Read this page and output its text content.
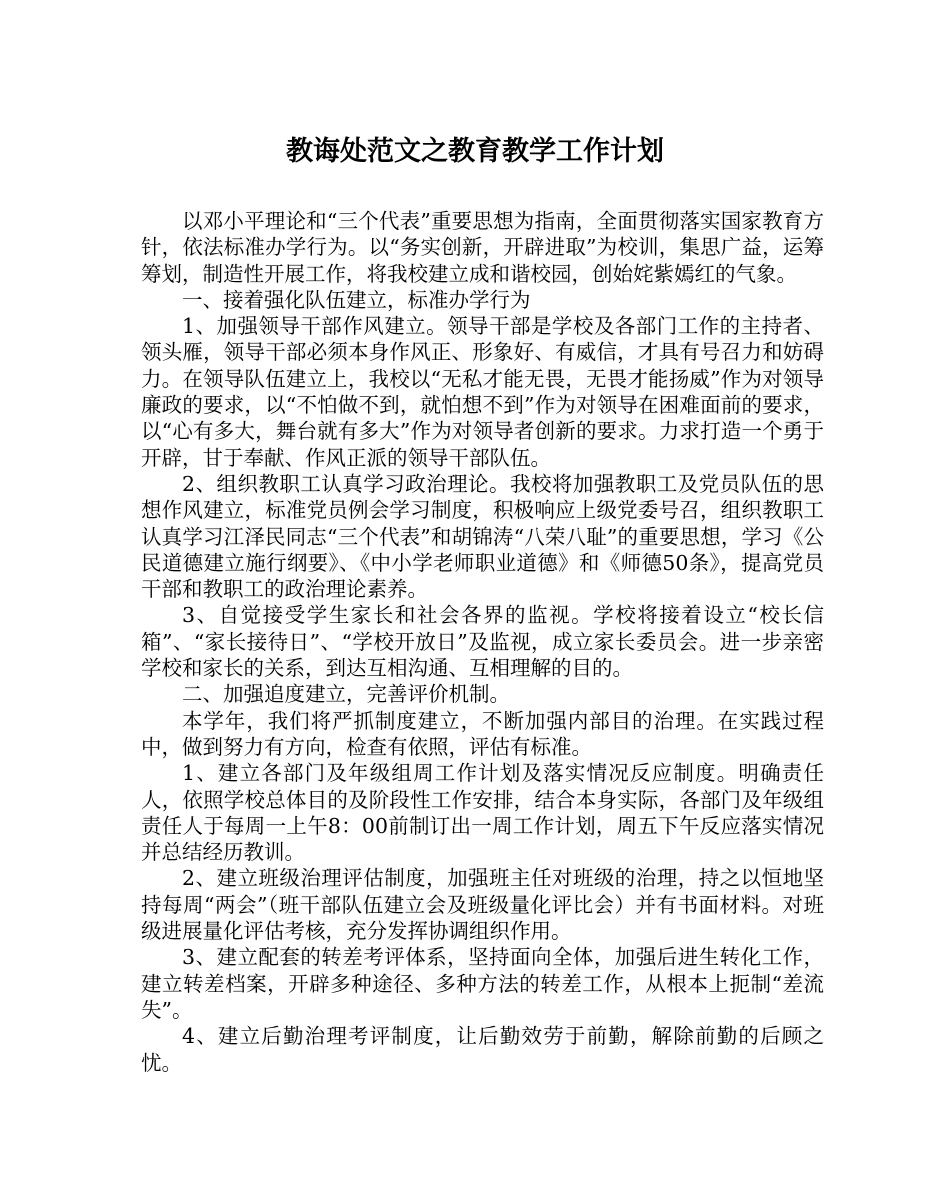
教诲处范文之教育教学工作计划

以邓小平理论和“三个代表”重要思想为指南，全面贯彻落实国家教育方针，依法标准办学行为。以“务实创新，开辟进取”为校训，集思广益，运筹筹划，制造性开展工作，将我校建立成和谐校园，创始姹紫嫣红的气象。

一、接着强化队伍建立，标准办学行为

1、加强领导干部作风建立。领导干部是学校及各部门工作的主持者、领头雁，领导干部必须本身作风正、形象好、有威信，才具有号召力和妨碍力。在领导队伍建立上，我校以“无私才能无畏，无畏才能扬威”作为对领导廉政的要求，以“不怕做不到，就怕想不到”作为对领导在困难面前的要求，以“心有多大，舞台就有多大”作为对领导者创新的要求。力求打造一个勇于开辟，甘于奉献、作风正派的领导干部队伍。

2、组织教职工认真学习政治理论。我校将加强教职工及党员队伍的思想作风建立，标准党员例会学习制度，积极响应上级党委号召，组织教职工认真学习江泽民同志“三个代表”和胡锦涛“八荣八耻”的重要思想，学习《公民道德建立施行纲要》、《中小学老师职业道德》和《师德50条》，提高党员干部和教职工的政治理论素养。

3、自觉接受学生家长和社会各界的监视。学校将接着设立“校长信箱”、“家长接待日”、“学校开放日”及监视，成立家长委员会。进一步亲密学校和家长的关系，到达互相沟通、互相理解的目的。

二、加强追度建立，完善评价机制。

本学年，我们将严抓制度建立，不断加强内部目的治理。在实践过程中，做到努力有方向，检查有依照，评估有标准。

1、建立各部门及年级组周工作计划及落实情况反应制度。明确责任人，依照学校总体目的及阶段性工作安排，结合本身实际，各部门及年级组责任人于每周一上午8：00前制订出一周工作计划，周五下午反应落实情况并总结经历教训。

2、建立班级治理评估制度，加强班主任对班级的治理，持之以恒地坚持每周“两会”（班干部队伍建立会及班级量化评比会）并有书面材料。对班级进展量化评估考核，充分发挥协调组织作用。

3、建立配套的转差考评体系，坚持面向全体，加强后进生转化工作，建立转差档案，开辟多种途径、多种方法的转差工作，从根本上扼制“差流失”。

4、建立后勤治理考评制度，让后勤效劳于前勤，解除前勤的后顾之忧。
